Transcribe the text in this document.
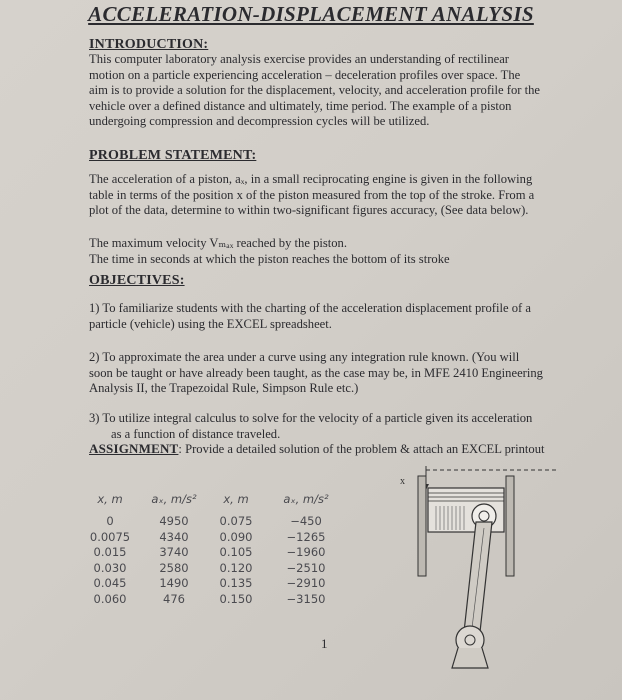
ACCELERATION-DISPLACEMENT ANALYSIS
INTRODUCTION:
This computer laboratory analysis exercise provides an understanding of rectilinear
motion on a particle experiencing acceleration – deceleration profiles over space. The
aim is to provide a solution for the displacement, velocity, and acceleration profile for the
vehicle over a defined distance and ultimately, time period. The example of a piston
undergoing compression and decompression cycles will be utilized.
PROBLEM STATEMENT:
The acceleration of a piston, aₓ, in a small reciprocating engine is given in the following
table in terms of the position x of the piston measured from the top of the stroke. From a
plot of the data, determine to within two-significant figures accuracy, (See data below).
The maximum velocity Vₘₐₓ reached by the piston.
The time in seconds at which the piston reaches the bottom of its stroke
OBJECTIVES:
1) To familiarize students with the charting of the acceleration displacement profile of a
particle (vehicle) using the EXCEL spreadsheet.
2) To approximate the area under a curve using any integration rule known. (You will
soon be taught or have already been taught, as the case may be, in MFE 2410 Engineering
Analysis II, the Trapezoidal Rule, Simpson Rule etc.)
3) To utilize integral calculus to solve for the velocity of a particle given its acceleration
as a function of distance traveled.
ASSIGNMENT: Provide a detailed solution of the problem & attach an EXCEL printout
x, m
0
0.0075
0.015
0.030
0.045
0.060
aₓ, m/s²
4950
4340
3740
2580
1490
476
x, m
0.075
0.090
0.105
0.120
0.135
0.150
aₓ, m/s²
−450
−1265
−1960
−2510
−2910
−3150
x
1
